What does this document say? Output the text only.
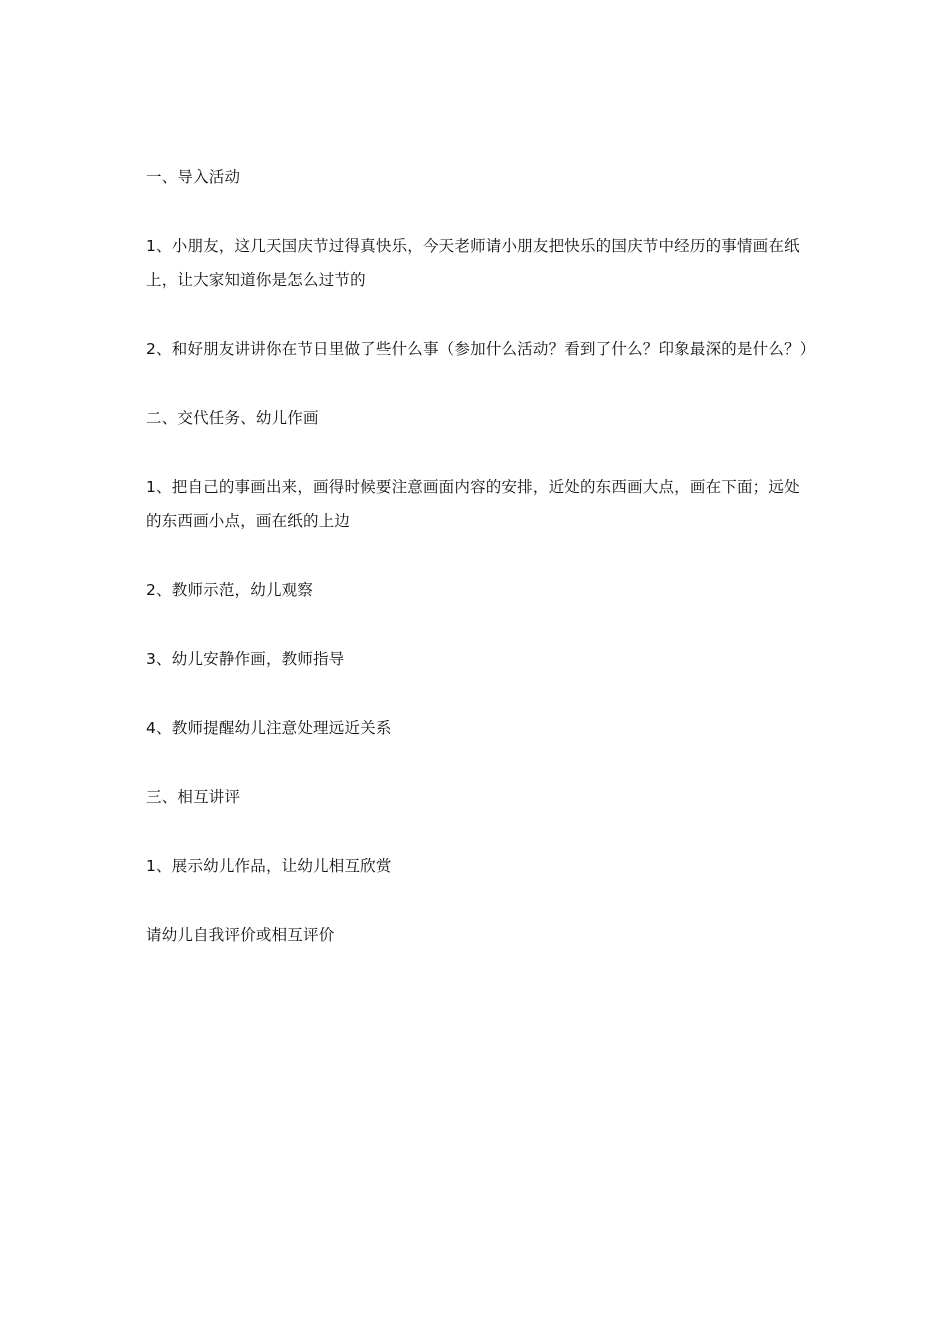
一、导入活动

1、小朋友，这几天国庆节过得真快乐，今天老师请小朋友把快乐的国庆节中经历的事情画在纸上，让大家知道你是怎么过节的

2、和好朋友讲讲你在节日里做了些什么事（参加什么活动？看到了什么？印象最深的是什么？）

二、交代任务、幼儿作画

1、把自己的事画出来，画得时候要注意画面内容的安排，近处的东西画大点，画在下面；远处的东西画小点，画在纸的上边

2、教师示范，幼儿观察

3、幼儿安静作画，教师指导

4、教师提醒幼儿注意处理远近关系

三、相互讲评

1、展示幼儿作品，让幼儿相互欣赏

请幼儿自我评价或相互评价
